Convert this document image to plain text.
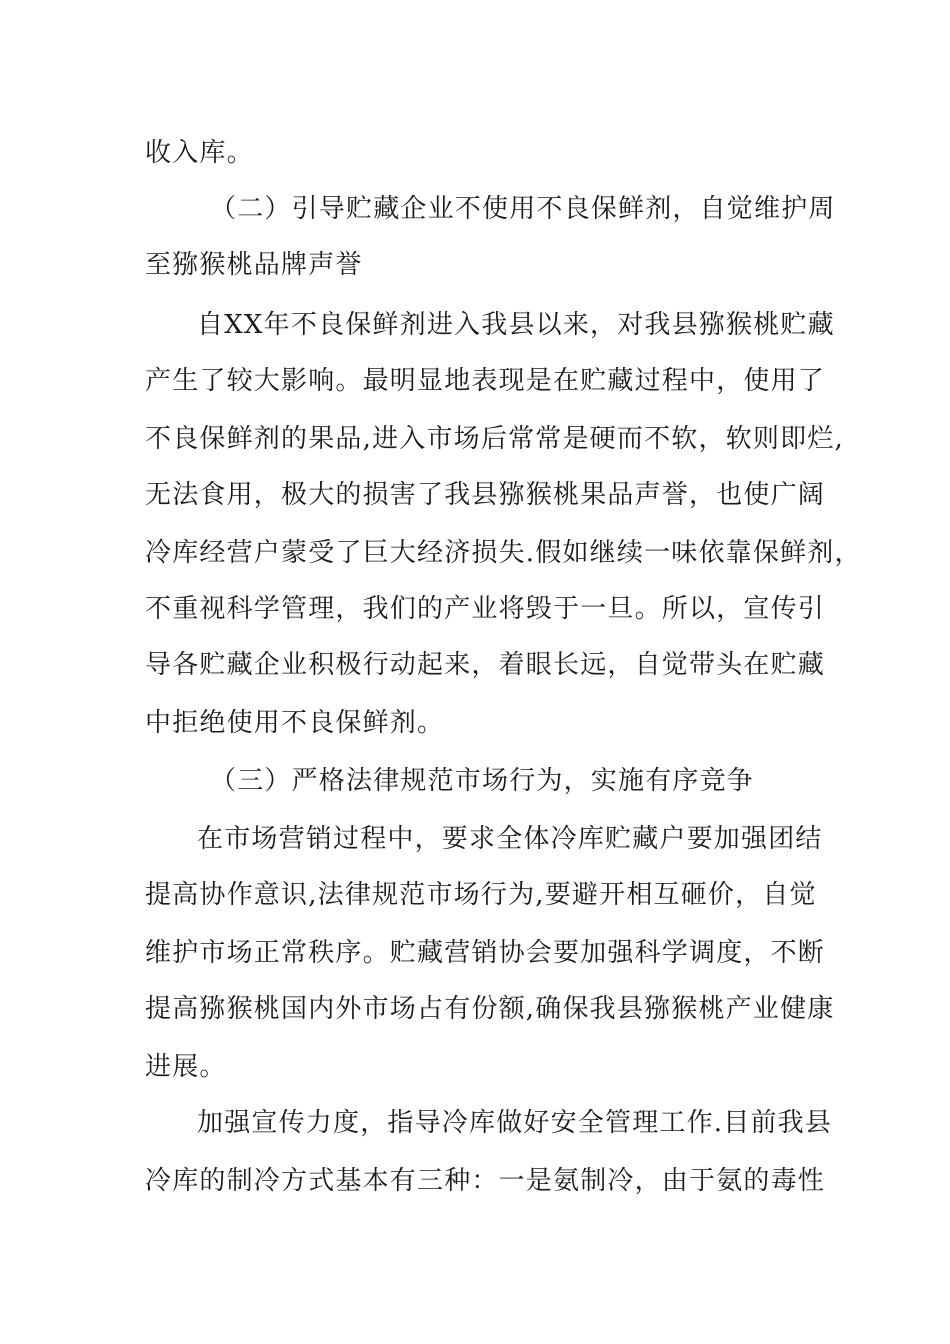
收入库。
（二）引导贮藏企业不使用不良保鲜剂，自觉维护周
至猕猴桃品牌声誉
自XX年不良保鲜剂进入我县以来，对我县猕猴桃贮藏
产生了较大影响。最明显地表现是在贮藏过程中，使用了
不良保鲜剂的果品,进入市场后常常是硬而不软，软则即烂,
无法食用，极大的损害了我县猕猴桃果品声誉，也使广阔
冷库经营户蒙受了巨大经济损失.假如继续一味依靠保鲜剂，
不重视科学管理，我们的产业将毁于一旦。所以，宣传引
导各贮藏企业积极行动起来，着眼长远，自觉带头在贮藏
中拒绝使用不良保鲜剂。
（三）严格法律规范市场行为，实施有序竞争
在市场营销过程中，要求全体冷库贮藏户要加强团结
提高协作意识,法律规范市场行为,要避开相互砸价，自觉
维护市场正常秩序。贮藏营销协会要加强科学调度，不断
提高猕猴桃国内外市场占有份额,确保我县猕猴桃产业健康
进展。
加强宣传力度，指导冷库做好安全管理工作.目前我县
冷库的制冷方式基本有三种：一是氨制冷，由于氨的毒性
